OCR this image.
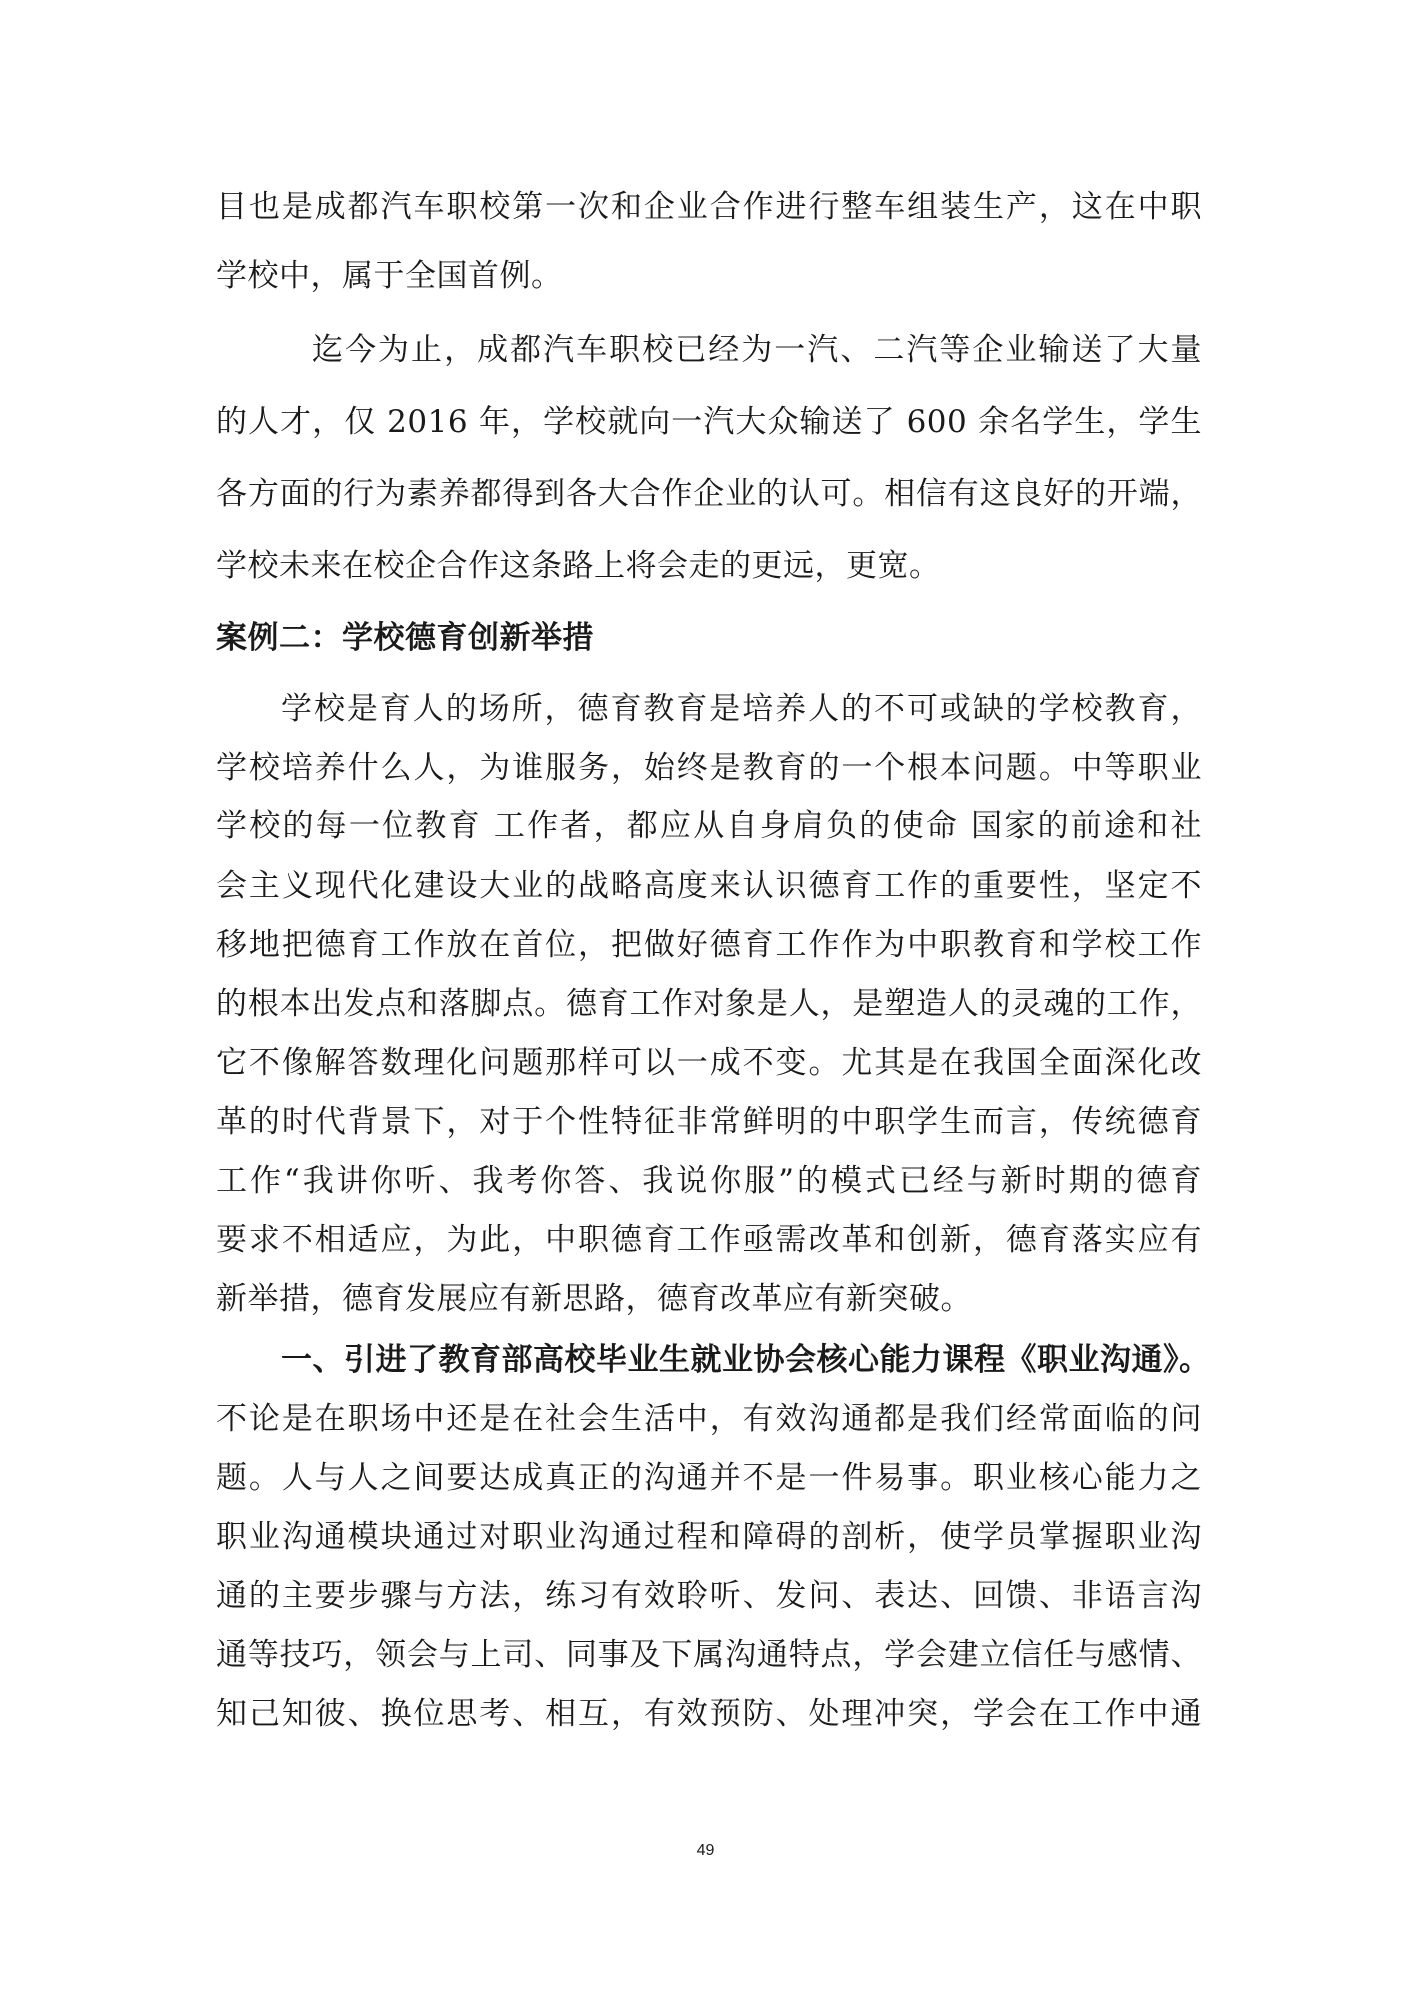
目也是成都汽车职校第一次和企业合作进行整车组装生产，这在中职
学校中，属于全国首例。
迄今为止，成都汽车职校已经为一汽、二汽等企业输送了大量
的人才，仅 2016 年，学校就向一汽大众输送了 600 余名学生，学生
各方面的行为素养都得到各大合作企业的认可。相信有这良好的开端，
学校未来在校企合作这条路上将会走的更远，更宽。
案例二：学校德育创新举措
学校是育人的场所，德育教育是培养人的不可或缺的学校教育，
学校培养什么人，为谁服务，始终是教育的一个根本问题。中等职业
学校的每一位教育 工作者，都应从自身肩负的使命 国家的前途和社
会主义现代化建设大业的战略高度来认识德育工作的重要性，坚定不
移地把德育工作放在首位，把做好德育工作作为中职教育和学校工作
的根本出发点和落脚点。德育工作对象是人，是塑造人的灵魂的工作，
它不像解答数理化问题那样可以一成不变。尤其是在我国全面深化改
革的时代背景下，对于个性特征非常鲜明的中职学生而言，传统德育
工作“我讲你听、我考你答、我说你服”的模式已经与新时期的德育
要求不相适应，为此，中职德育工作亟需改革和创新，德育落实应有
新举措，德育发展应有新思路，德育改革应有新突破。
一、引进了教育部高校毕业生就业协会核心能力课程《职业沟通》。
不论是在职场中还是在社会生活中，有效沟通都是我们经常面临的问
题。人与人之间要达成真正的沟通并不是一件易事。职业核心能力之
职业沟通模块通过对职业沟通过程和障碍的剖析，使学员掌握职业沟
通的主要步骤与方法，练习有效聆听、发问、表达、回馈、非语言沟
通等技巧，领会与上司、同事及下属沟通特点，学会建立信任与感情、
知己知彼、换位思考、相互，有效预防、处理冲突，学会在工作中通
49
